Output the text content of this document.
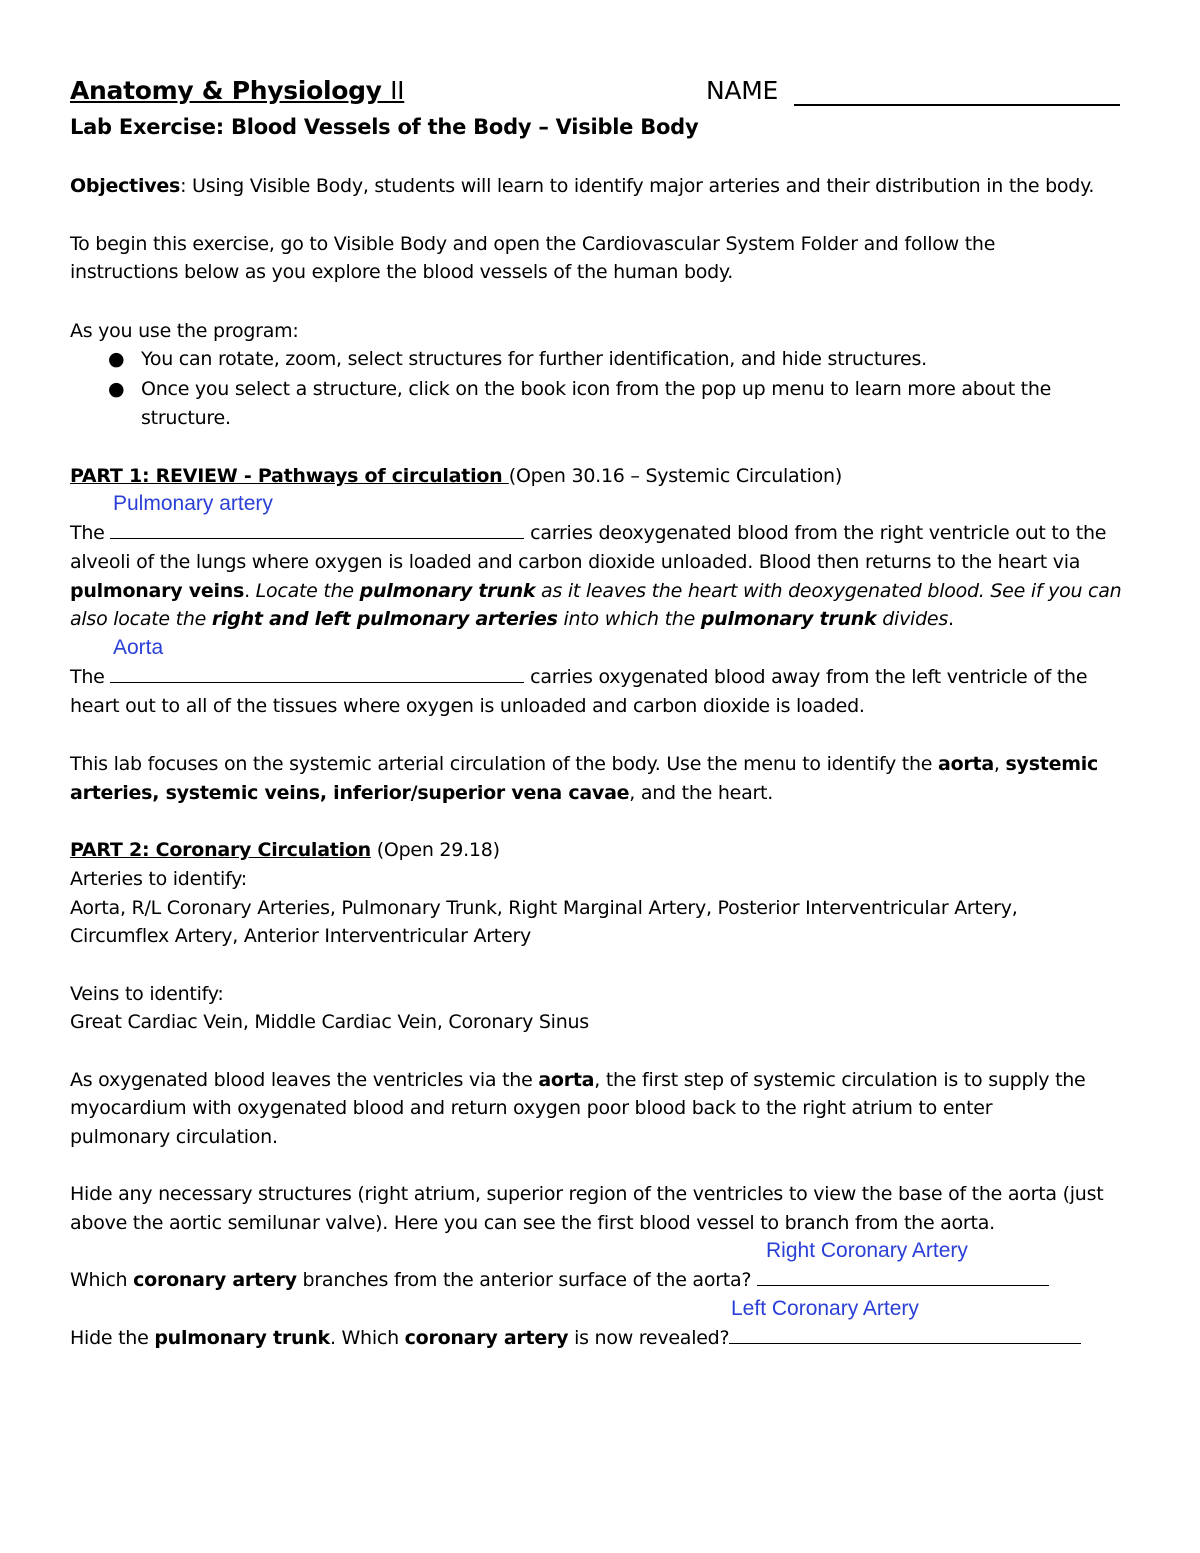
Anatomy & Physiology II	NAME
Lab Exercise: Blood Vessels of the Body – Visible Body
Objectives: Using Visible Body, students will learn to identify major arteries and their distribution in the body.
To begin this exercise, go to Visible Body and open the Cardiovascular System Folder and follow the
instructions below as you explore the blood vessels of the human body.
As you use the program:
● You can rotate, zoom, select structures for further identification, and hide structures.
● Once you select a structure, click on the book icon from the pop up menu to learn more about the
structure.
PART 1: REVIEW - Pathways of circulation (Open 30.16 – Systemic Circulation)
Pulmonary artery
The	carries deoxygenated blood from the right ventricle out to the
alveoli of the lungs where oxygen is loaded and carbon dioxide unloaded. Blood then returns to the heart via
pulmonary veins. Locate the pulmonary trunk as it leaves the heart with deoxygenated blood. See if you can
also locate the right and left pulmonary arteries into which the pulmonary trunk divides.
Aorta
The	carries oxygenated blood away from the left ventricle of the
heart out to all of the tissues where oxygen is unloaded and carbon dioxide is loaded.
This lab focuses on the systemic arterial circulation of the body. Use the menu to identify the aorta, systemic
arteries, systemic veins, inferior/superior vena cavae, and the heart.
PART 2: Coronary Circulation (Open 29.18)
Arteries to identify:
Aorta, R/L Coronary Arteries, Pulmonary Trunk, Right Marginal Artery, Posterior Interventricular Artery,
Circumflex Artery, Anterior Interventricular Artery
Veins to identify:
Great Cardiac Vein, Middle Cardiac Vein, Coronary Sinus
As oxygenated blood leaves the ventricles via the aorta, the first step of systemic circulation is to supply the
myocardium with oxygenated blood and return oxygen poor blood back to the right atrium to enter
pulmonary circulation.
Hide any necessary structures (right atrium, superior region of the ventricles to view the base of the aorta (just
above the aortic semilunar valve). Here you can see the first blood vessel to branch from the aorta.
Right Coronary Artery
Which coronary artery branches from the anterior surface of the aorta?
Left Coronary Artery
Hide the pulmonary trunk. Which coronary artery is now revealed?
